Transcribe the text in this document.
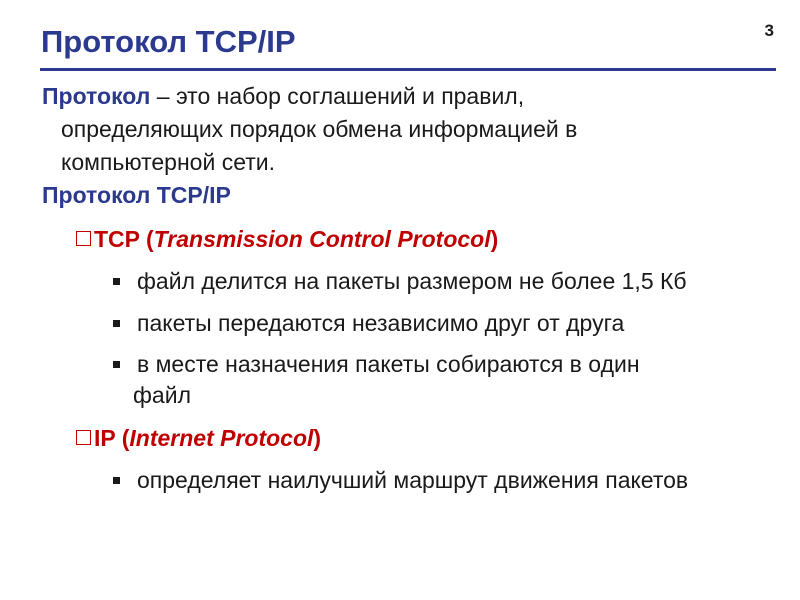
Протокол TCP/IP	3
Протокол – это набор соглашений и правил,
определяющих порядок обмена информацией в
компьютерной сети.
Протокол TCP/IP
TCP (Transmission Control Protocol)
файл делится на пакеты размером не более 1,5 Кб
пакеты передаются независимо друг от друга
в месте назначения пакеты собираются в один
файл
IP (Internet Protocol)
определяет наилучший маршрут движения пакетов
